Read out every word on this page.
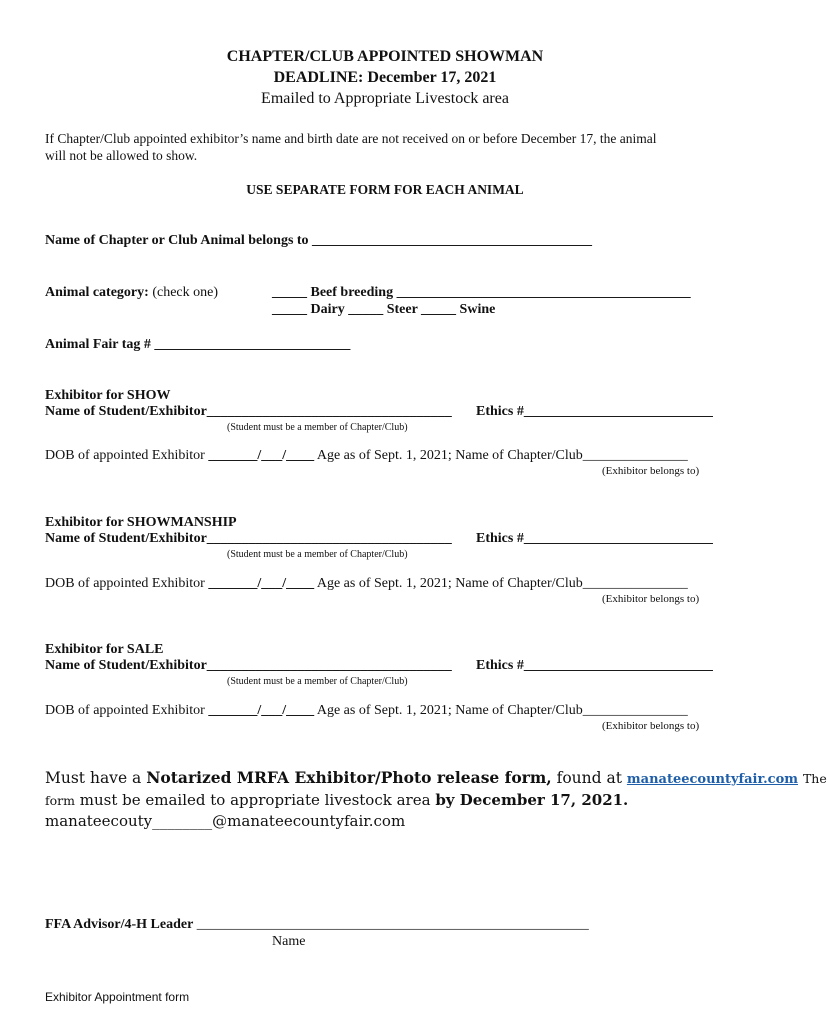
CHAPTER/CLUB APPOINTED SHOWMAN
DEADLINE: December 17, 2021
Emailed to Appropriate Livestock area
If Chapter/Club appointed exhibitor’s name and birth date are not received on or before December 17, the animal
will not be allowed to show.
USE SEPARATE FORM FOR EACH ANIMAL
Name of Chapter or Club Animal belongs to ________________________________________
Animal category: (check one)	_____ Beef breeding __________________________________________
_____ Dairy _____ Steer _____ Swine
Animal Fair tag # ____________________________
Exhibitor for SHOW
Name of Student/Exhibitor___________________________________ Ethics #___________________________
(Student must be a member of Chapter/Club)
DOB of appointed Exhibitor _______/___/____ Age as of Sept. 1, 2021; Name of Chapter/Club_______________
(Exhibitor belongs to)
Exhibitor for SHOWMANSHIP
Name of Student/Exhibitor___________________________________ Ethics #___________________________
(Student must be a member of Chapter/Club)
DOB of appointed Exhibitor _______/___/____ Age as of Sept. 1, 2021; Name of Chapter/Club_______________
(Exhibitor belongs to)
Exhibitor for SALE
Name of Student/Exhibitor___________________________________ Ethics #___________________________
(Student must be a member of Chapter/Club)
DOB of appointed Exhibitor _______/___/____ Age as of Sept. 1, 2021; Name of Chapter/Club_______________
(Exhibitor belongs to)
Must have a Notarized MRFA Exhibitor/Photo release form, found at manateecountyfair.com The
form must be emailed to appropriate livestock area by December 17, 2021.
manateecouty________@manateecountyfair.com
FFA Advisor/4-H Leader ________________________________________________________
Name
Exhibitor Appointment form
